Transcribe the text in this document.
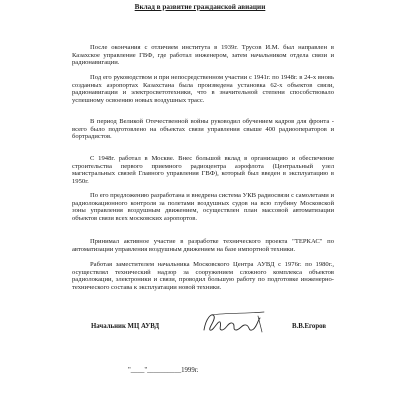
Вклад в развитие гражданской авиации

После окончания с отличием института в 1939г. Трусов И.М. был направлен в Казахское управление ГВФ, где работал инженером, затем начальником отдела связи и радионавигации.

Под его руководством и при непосредственном участии с 1941г. по 1948г. в 24-х вновь созданных аэропортах Казахстана была произведена установка 62-х объектов связи, радионавигации и электросветотехники, что в значительной степени способствовало успешному освоению новых воздушных трасс.

В период Великой Отечественной войны руководил обучением кадров для фронта - всего было подготовлено на объектах связи управления свыше 400 радиооператоров и бортрадистов.

С 1948г. работал в Москве. Внес большой вклад в организацию и обеспечение строительства первого приемного радиоцентра аэрофлота (Центральный узел магистральных связей Главного управления ГВФ), который был введен в эксплуатацию в 1950г.

По его предложению разработана и внедрена система УКВ радиосвязи с самолетами и радиолокационного контроля за полетами воздушных судов на всю глубину Московской зоны управления воздушным движением, осуществлен план массовой автоматизации объектов связи всех московских аэропортов.

Принимал активное участие в разработке технического проекта "ТЕРКАС" по автоматизации управления воздушным движением на базе импортной техники.

Работая заместителем начальника Московского Центра АУВД с 1976г. по 1980г., осуществлял технический надзор за сооружением сложного комплекса объектов радиолокации, электроники и связи, проводил большую работу по подготовке инженерно-технического состава к эксплуатации новой техники.

Начальник МЦ АУВД	В.В.Егоров
"____"__________1999г.
